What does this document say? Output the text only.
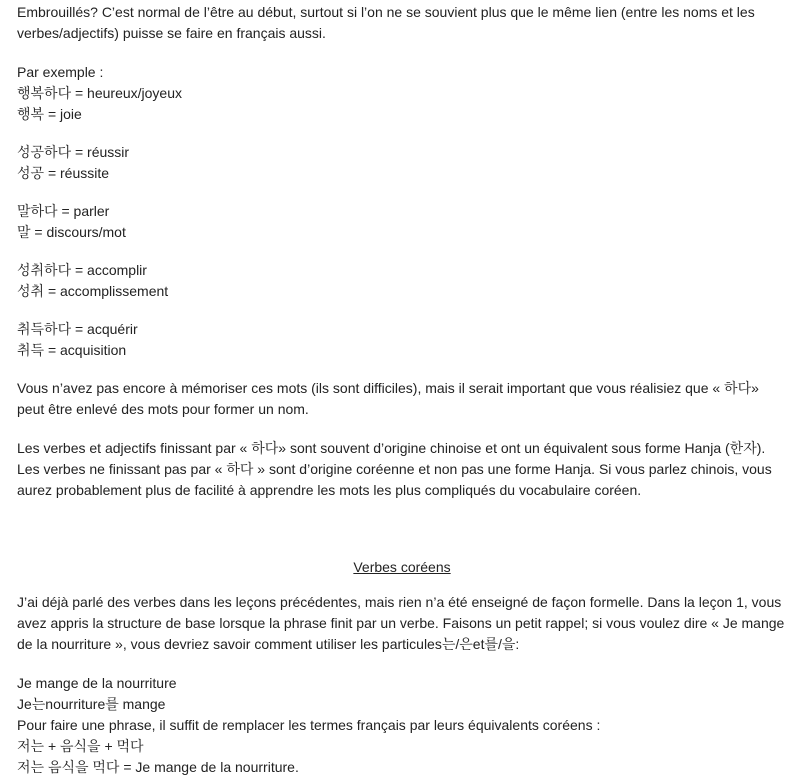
Embrouillés? C’est normal de l’être au début, surtout si l’on ne se souvient plus que le même lien (entre les noms et les
verbes/adjectifs) puisse se faire en français aussi.

Par exemple :
행복하다 = heureux/joyeux
행복 = joie
성공하다 = réussir
성공 = réussite
말하다 = parler
말 = discours/mot
성취하다 = accomplir
성취 = accomplissement
취득하다 = acquérir
취득 = acquisition

Vous n’avez pas encore à mémoriser ces mots (ils sont difficiles), mais il serait important que vous réalisiez que « 하다»
peut être enlevé des mots pour former un nom.

Les verbes et adjectifs finissant par « 하다» sont souvent d’origine chinoise et ont un équivalent sous forme Hanja (한자).
Les verbes ne finissant pas par « 하다 » sont d’origine coréenne et non pas une forme Hanja. Si vous parlez chinois, vous
aurez probablement plus de facilité à apprendre les mots les plus compliqués du vocabulaire coréen.

Verbes coréens

J’ai déjà parlé des verbes dans les leçons précédentes, mais rien n’a été enseigné de façon formelle. Dans la leçon 1, vous
avez appris la structure de base lorsque la phrase finit par un verbe. Faisons un petit rappel; si vous voulez dire « Je mange
de la nourriture », vous devriez savoir comment utiliser les particules는/은et를/을:

Je mange de la nourriture
Je는nourriture를 mange
Pour faire une phrase, il suffit de remplacer les termes français par leurs équivalents coréens :
저는 + 음식을 + 먹다
저는 음식을 먹다 = Je mange de la nourriture.
